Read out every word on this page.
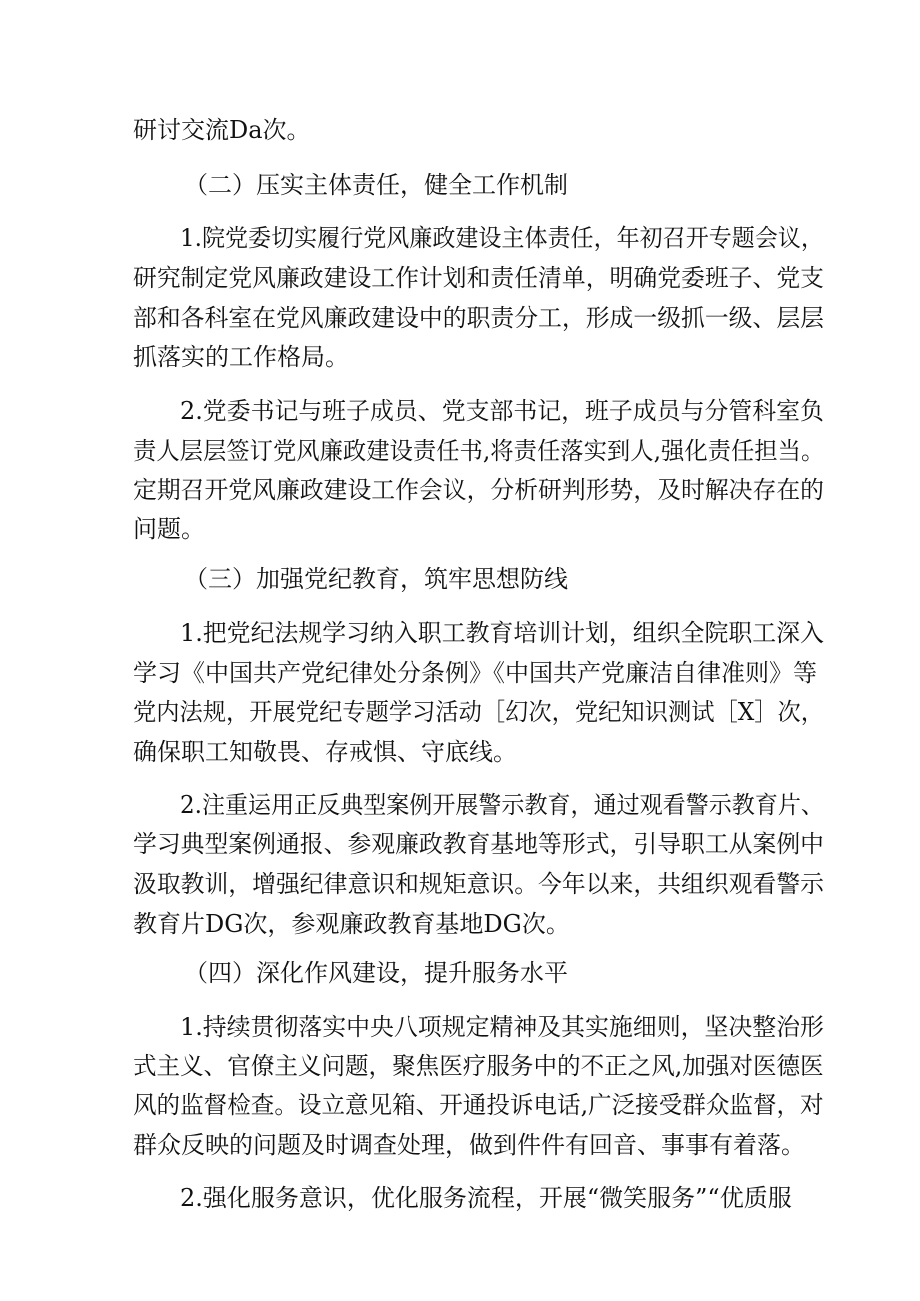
研讨交流Da次。
（二）压实主体责任，健全工作机制
1.院党委切实履行党风廉政建设主体责任，年初召开专题会议，
研究制定党风廉政建设工作计划和责任清单，明确党委班子、党支
部和各科室在党风廉政建设中的职责分工，形成一级抓一级、层层
抓落实的工作格局。
2.党委书记与班子成员、党支部书记，班子成员与分管科室负
责人层层签订党风廉政建设责任书,将责任落实到人,强化责任担当。
定期召开党风廉政建设工作会议，分析研判形势，及时解决存在的
问题。
（三）加强党纪教育，筑牢思想防线
1.把党纪法规学习纳入职工教育培训计划，组织全院职工深入
学习《中国共产党纪律处分条例》《中国共产党廉洁自律准则》等
党内法规，开展党纪专题学习活动［幻次，党纪知识测试［X］次，
确保职工知敬畏、存戒惧、守底线。
2.注重运用正反典型案例开展警示教育，通过观看警示教育片、
学习典型案例通报、参观廉政教育基地等形式，引导职工从案例中
汲取教训，增强纪律意识和规矩意识。今年以来，共组织观看警示
教育片DG次，参观廉政教育基地DG次。
（四）深化作风建设，提升服务水平
1.持续贯彻落实中央八项规定精神及其实施细则，坚决整治形
式主义、官僚主义问题，聚焦医疗服务中的不正之风,加强对医德医
风的监督检查。设立意见箱、开通投诉电话,广泛接受群众监督，对
群众反映的问题及时调查处理，做到件件有回音、事事有着落。
2.强化服务意识，优化服务流程，开展“微笑服务”“优质服
